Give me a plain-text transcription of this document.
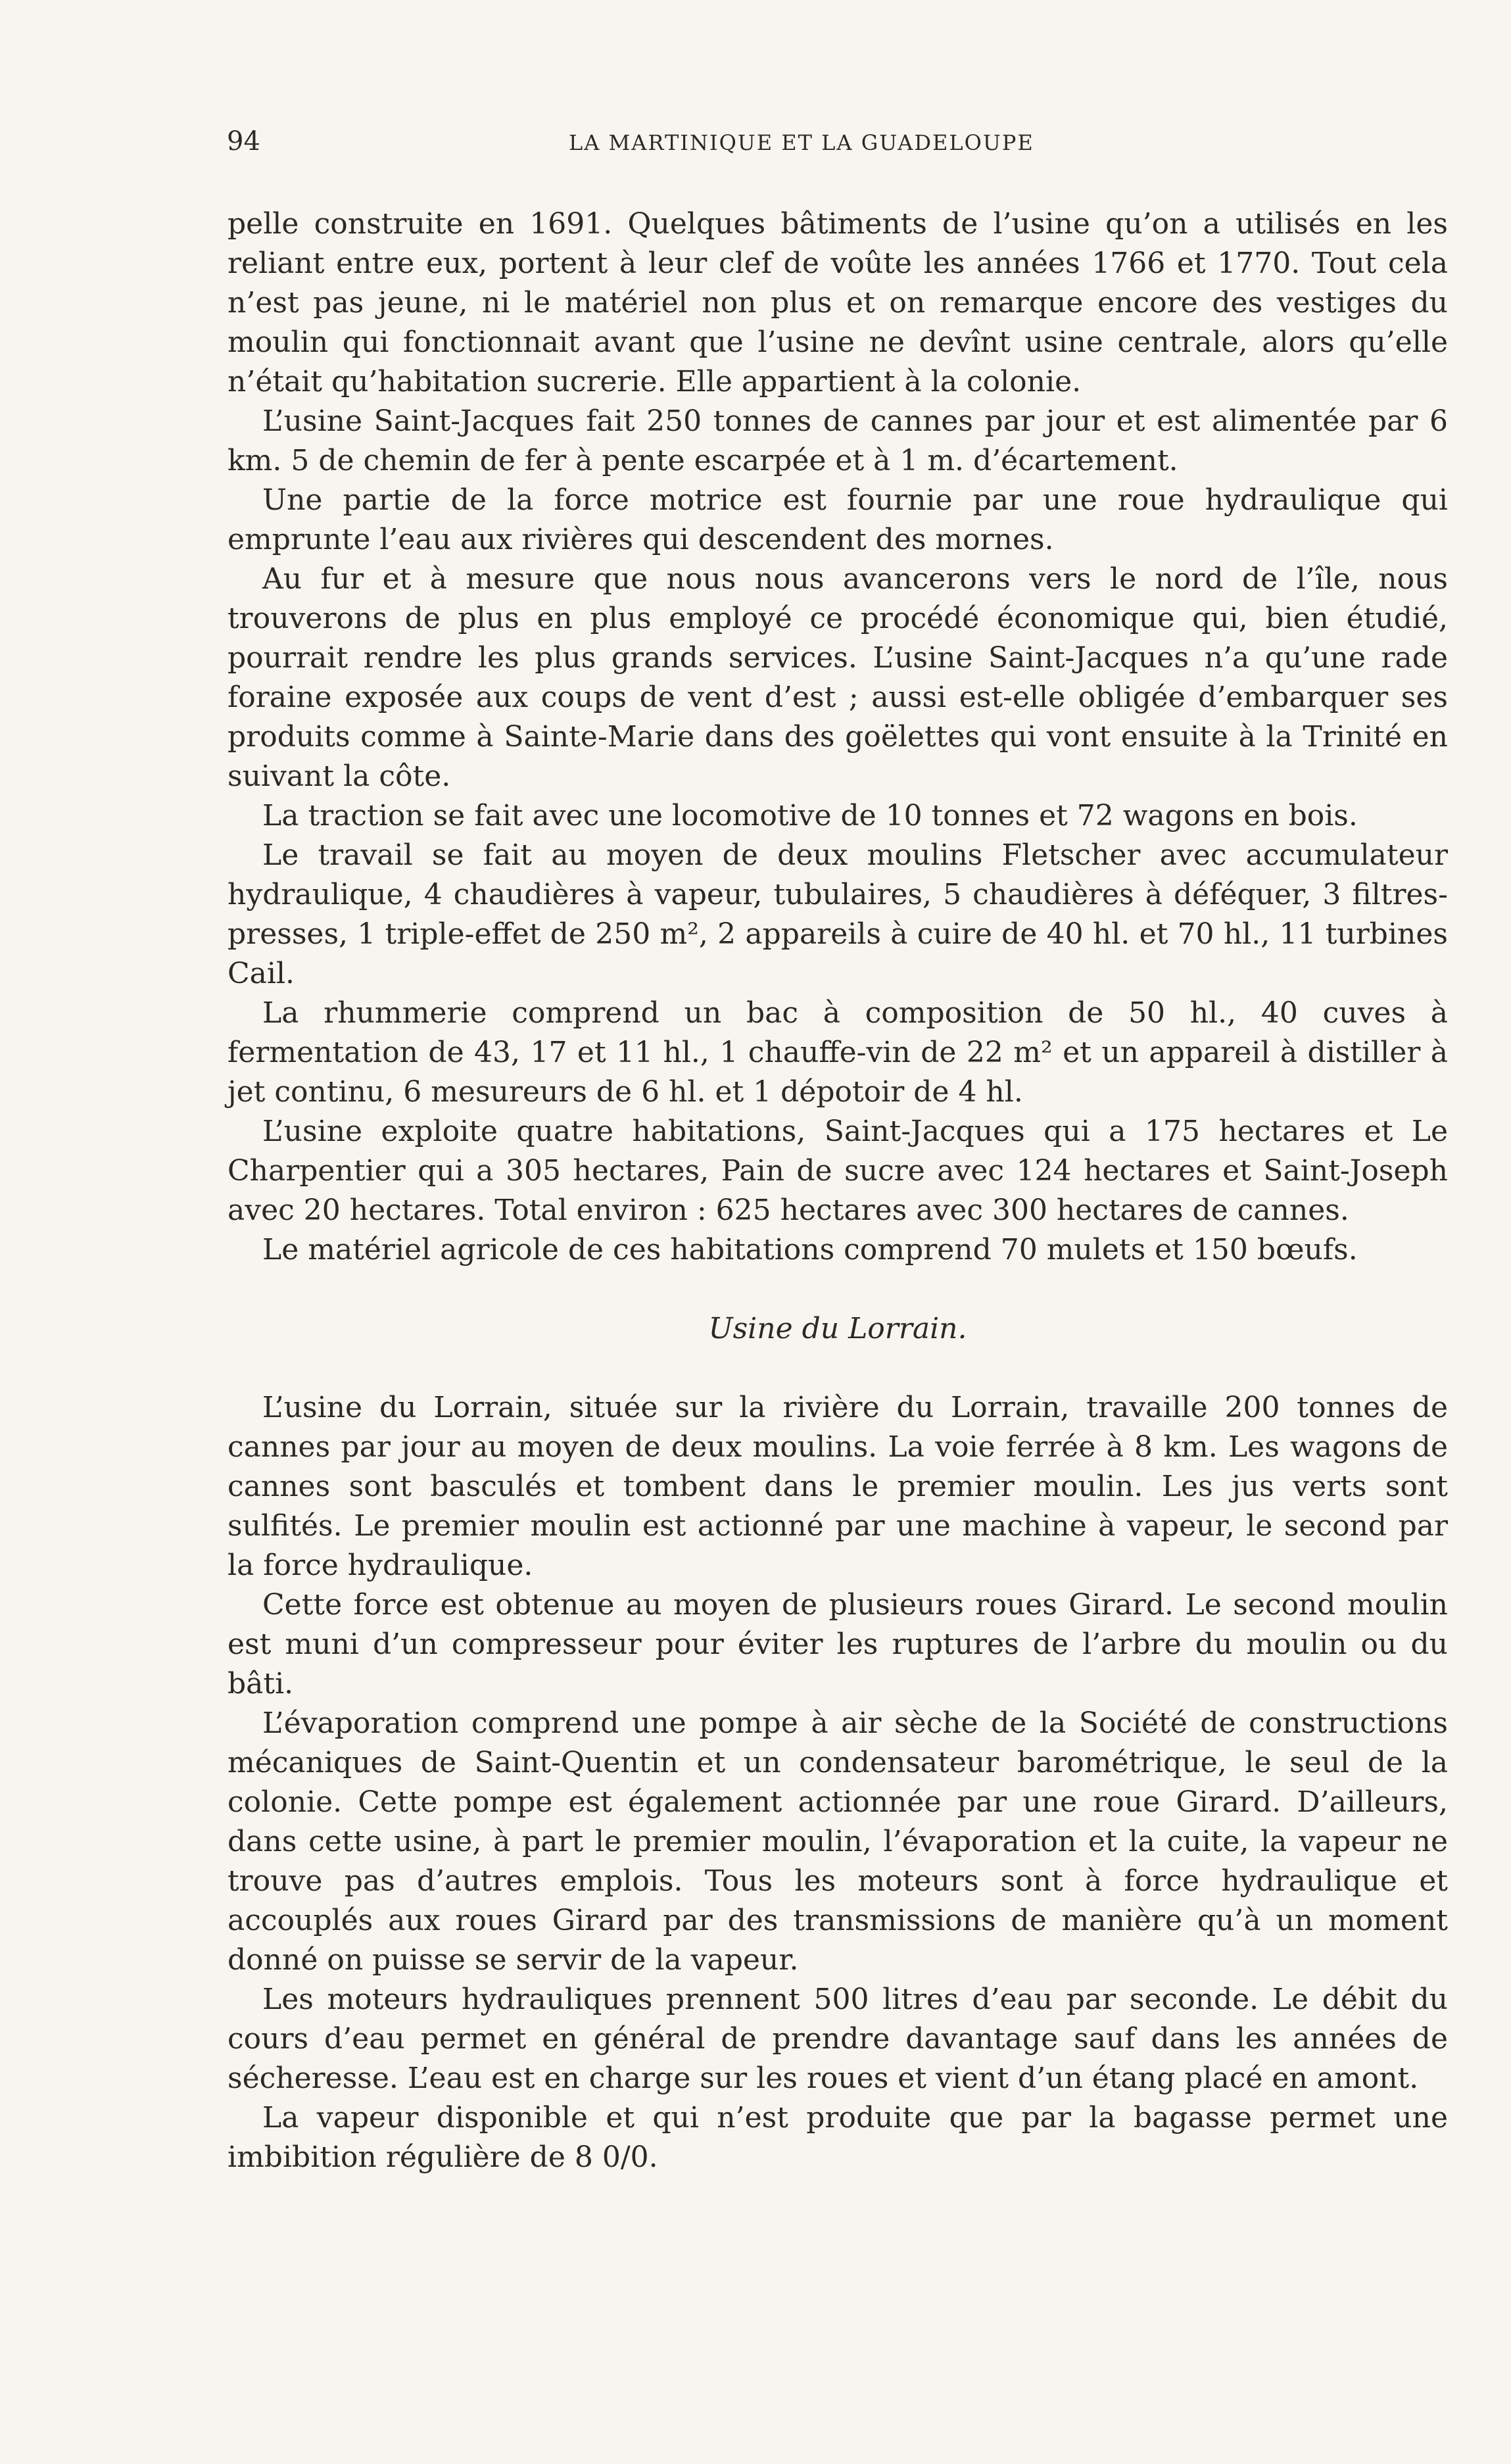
94	LA MARTINIQUE ET LA GUADELOUPE

pelle construite en 1691. Quelques bâtiments de l’usine qu’on a utilisés en les reliant entre eux, portent à leur clef de voûte les années 1766 et 1770. Tout cela n’est pas jeune, ni le matériel non plus et on remarque encore des vestiges du moulin qui fonctionnait avant que l’usine ne devînt usine centrale, alors qu’elle n’était qu’habitation sucrerie. Elle appartient à la colonie.

L’usine Saint-Jacques fait 250 tonnes de cannes par jour et est alimentée par 6 km. 5 de chemin de fer à pente escarpée et à 1 m. d’écartement.

Une partie de la force motrice est fournie par une roue hydraulique qui emprunte l’eau aux rivières qui descendent des mornes.

Au fur et à mesure que nous nous avancerons vers le nord de l’île, nous trouverons de plus en plus employé ce procédé économique qui, bien étudié, pourrait rendre les plus grands services. L’usine Saint-Jacques n’a qu’une rade foraine exposée aux coups de vent d’est ; aussi est-elle obligée d’embarquer ses produits comme à Sainte-Marie dans des goëlettes qui vont ensuite à la Trinité en suivant la côte.

La traction se fait avec une locomotive de 10 tonnes et 72 wagons en bois.

Le travail se fait au moyen de deux moulins Fletscher avec accumulateur hydraulique, 4 chaudières à vapeur, tubulaires, 5 chaudières à déféquer, 3 filtres-presses, 1 triple-effet de 250 m², 2 appareils à cuire de 40 hl. et 70 hl., 11 turbines Cail.

La rhummerie comprend un bac à composition de 50 hl., 40 cuves à fermentation de 43, 17 et 11 hl., 1 chauffe-vin de 22 m² et un appareil à distiller à jet continu, 6 mesureurs de 6 hl. et 1 dépotoir de 4 hl.

L’usine exploite quatre habitations, Saint-Jacques qui a 175 hectares et Le Charpentier qui a 305 hectares, Pain de sucre avec 124 hectares et Saint-Joseph avec 20 hectares. Total environ : 625 hectares avec 300 hectares de cannes.

Le matériel agricole de ces habitations comprend 70 mulets et 150 bœufs.

Usine du Lorrain.

L’usine du Lorrain, située sur la rivière du Lorrain, travaille 200 tonnes de cannes par jour au moyen de deux moulins. La voie ferrée à 8 km. Les wagons de cannes sont basculés et tombent dans le premier moulin. Les jus verts sont sulfités. Le premier moulin est actionné par une machine à vapeur, le second par la force hydraulique.

Cette force est obtenue au moyen de plusieurs roues Girard. Le second moulin est muni d’un compresseur pour éviter les ruptures de l’arbre du moulin ou du bâti.

L’évaporation comprend une pompe à air sèche de la Société de constructions mécaniques de Saint-Quentin et un condensateur barométrique, le seul de la colonie. Cette pompe est également actionnée par une roue Girard. D’ailleurs, dans cette usine, à part le premier moulin, l’évaporation et la cuite, la vapeur ne trouve pas d’autres emplois. Tous les moteurs sont à force hydraulique et accouplés aux roues Girard par des transmissions de manière qu’à un moment donné on puisse se servir de la vapeur.

Les moteurs hydrauliques prennent 500 litres d’eau par seconde. Le débit du cours d’eau permet en général de prendre davantage sauf dans les années de sécheresse. L’eau est en charge sur les roues et vient d’un étang placé en amont.

La vapeur disponible et qui n’est produite que par la bagasse permet une imbibition régulière de 8 0/0.
